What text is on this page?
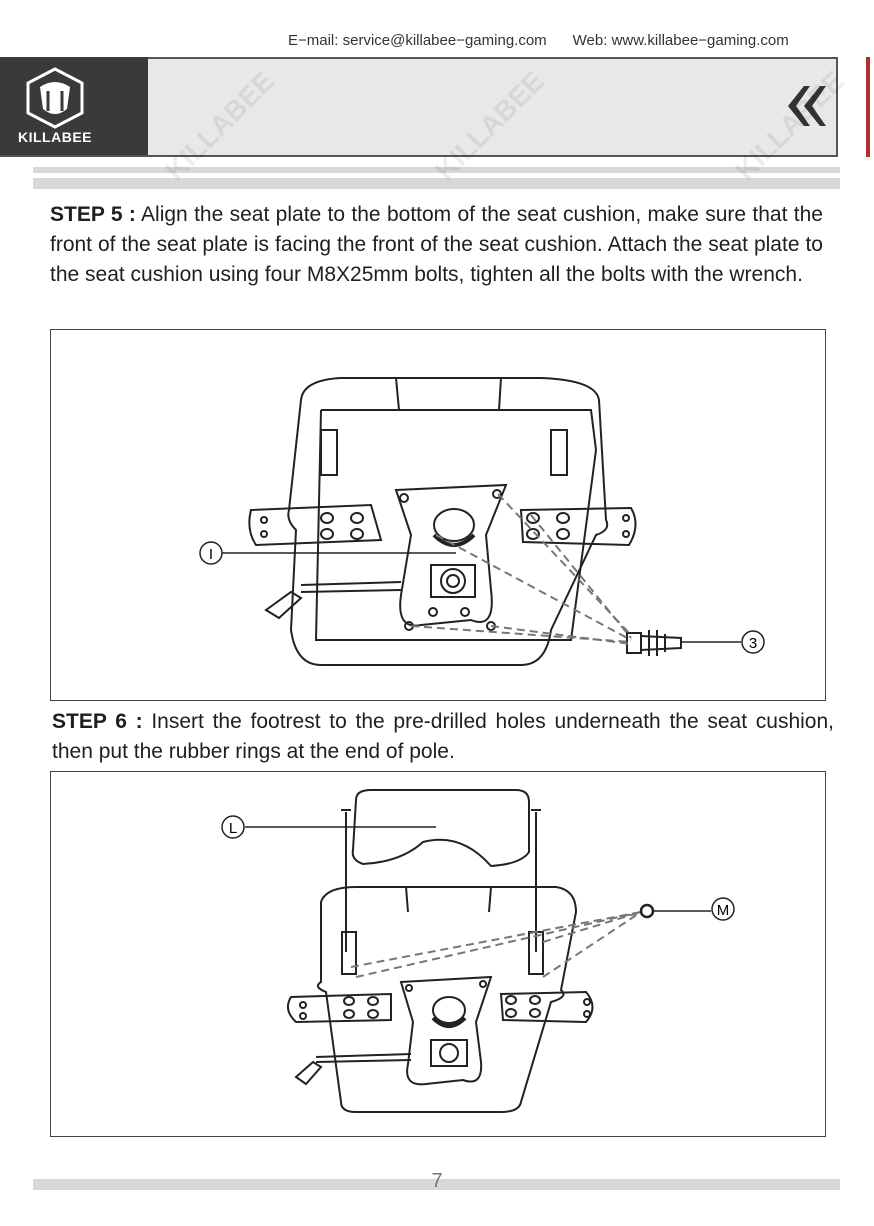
E−mail: service@killabee−gaming.com Web: www.killabee−gaming.com
KILLABEE
STEP 5 : Align the seat plate to the bottom of the seat cushion, make sure that the front of the seat plate is facing the front of the seat cushion. Attach the seat plate to the seat cushion using four M8X25mm bolts, tighten all the bolts with the wrench.
I
3
STEP 6 : Insert the footrest to the pre-drilled holes underneath the seat cushion, then put the rubber rings at the end of pole.
L
M
7
